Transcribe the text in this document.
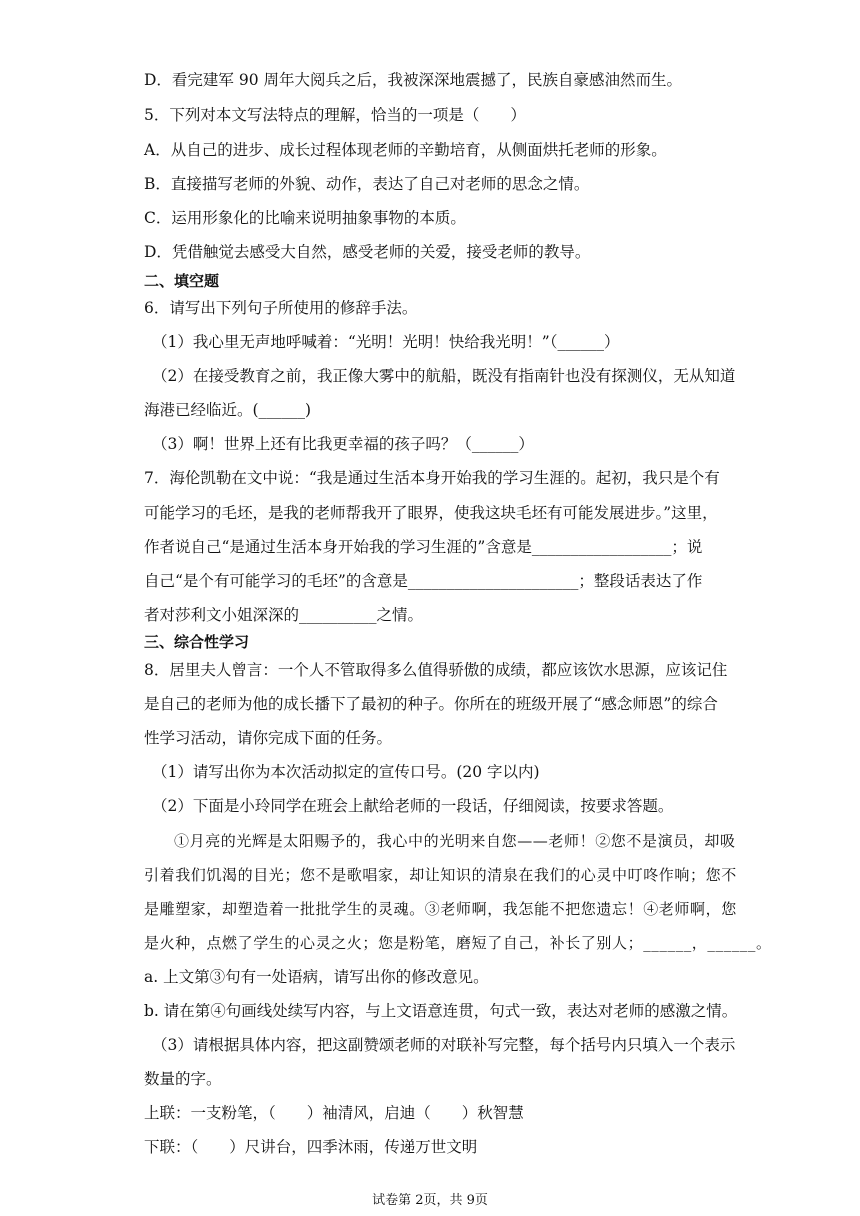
D．看完建军 90 周年大阅兵之后，我被深深地震撼了，民族自豪感油然而生。
5．下列对本文写法特点的理解，恰当的一项是（　　）
A．从自己的进步、成长过程体现老师的辛勤培育，从侧面烘托老师的形象。
B．直接描写老师的外貌、动作，表达了自己对老师的思念之情。
C．运用形象化的比喻来说明抽象事物的本质。
D．凭借触觉去感受大自然，感受老师的关爱，接受老师的教导。
二、填空题
6．请写出下列句子所使用的修辞手法。
（1）我心里无声地呼喊着：“光明！光明！快给我光明！”（______）
（2）在接受教育之前，我正像大雾中的航船，既没有指南针也没有探测仪，无从知道
海港已经临近。(______)
（3）啊！世界上还有比我更幸福的孩子吗？（______）
7．海伦凯勒在文中说：“我是通过生活本身开始我的学习生涯的。起初，我只是个有
可能学习的毛坯，是我的老师帮我开了眼界，使我这块毛坯有可能发展进步。”这里，
作者说自己“是通过生活本身开始我的学习生涯的”含意是__________________；说
自己“是个有可能学习的毛坯”的含意是______________________；整段话表达了作
者对莎利文小姐深深的__________之情。
三、综合性学习
8．居里夫人曾言：一个人不管取得多么值得骄傲的成绩，都应该饮水思源，应该记住
是自己的老师为他的成长播下了最初的种子。你所在的班级开展了“感念师恩”的综合
性学习活动，请你完成下面的任务。
（1）请写出你为本次活动拟定的宣传口号。(20 字以内)
（2）下面是小玲同学在班会上献给老师的一段话，仔细阅读，按要求答题。
①月亮的光辉是太阳赐予的，我心中的光明来自您——老师！②您不是演员，却吸
引着我们饥渴的目光；您不是歌唱家，却让知识的清泉在我们的心灵中叮咚作响；您不
是雕塑家，却塑造着一批批学生的灵魂。③老师啊，我怎能不把您遗忘！④老师啊，您
是火种，点燃了学生的心灵之火；您是粉笔，磨短了自己，补长了别人；______，______。
a. 上文第③句有一处语病，请写出你的修改意见。
b. 请在第④句画线处续写内容，与上文语意连贯，句式一致，表达对老师的感激之情。
（3）请根据具体内容，把这副赞颂老师的对联补写完整，每个括号内只填入一个表示
数量的字。
上联：一支粉笔，（　　）袖清风，启迪（　　）秋智慧
下联：（　　）尺讲台，四季沐雨，传递万世文明
试卷第 2页，共 9页
